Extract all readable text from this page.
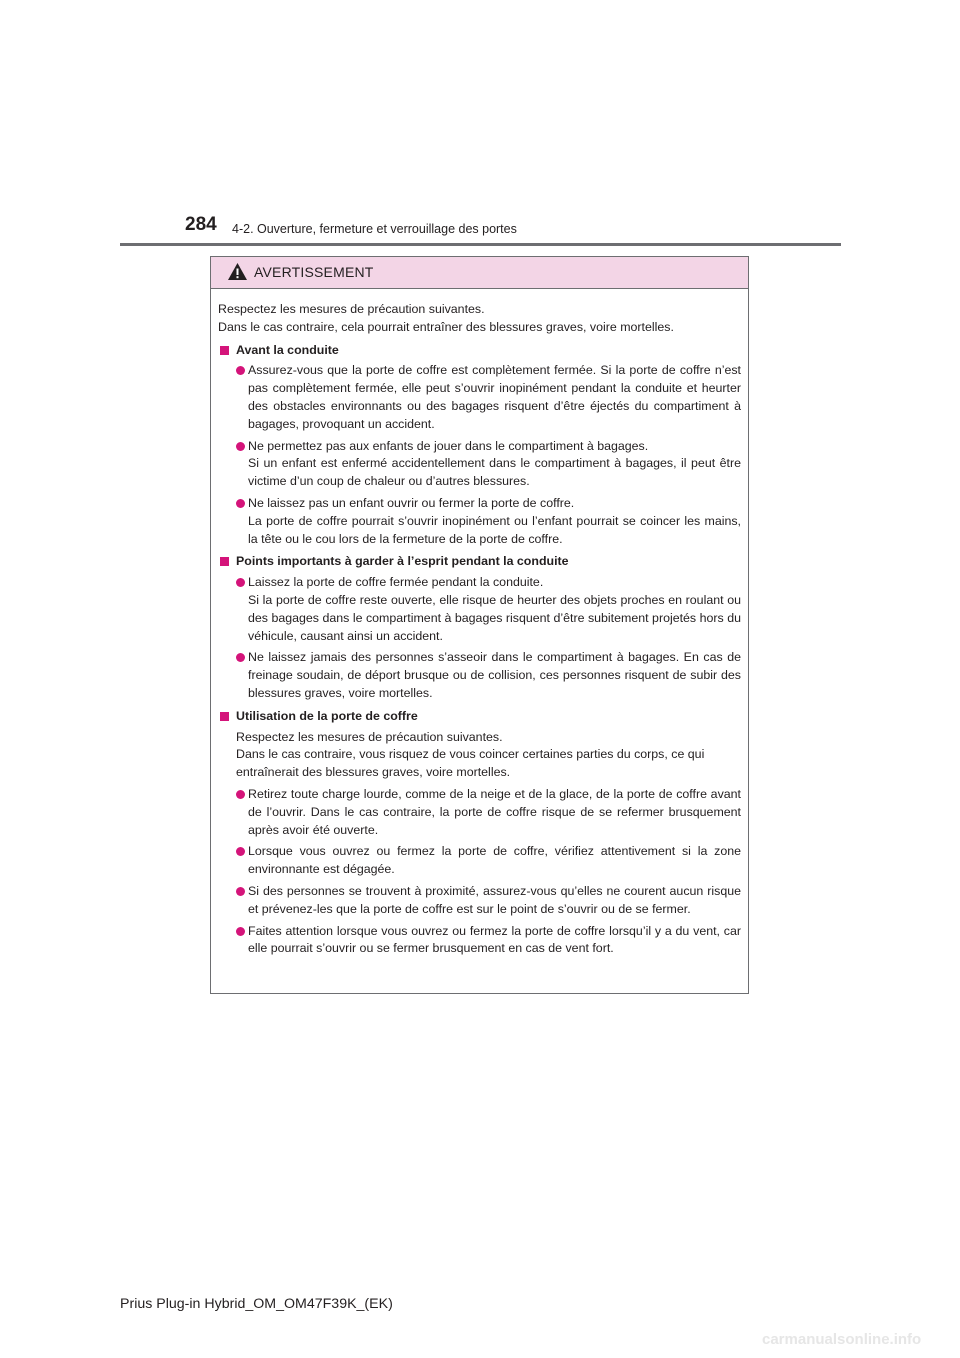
284 4-2. Ouverture, fermeture et verrouillage des portes
AVERTISSEMENT

Respectez les mesures de précaution suivantes.

Dans le cas contraire, cela pourrait entraîner des blessures graves, voire mortelles.

Avant la conduite

Assurez-vous que la porte de coffre est complètement fermée. Si la porte de coffre n’est pas complètement fermée, elle peut s’ouvrir inopinément pendant la conduite et heurter des obstacles environnants ou des bagages risquent d’être éjectés du compartiment à bagages, provoquant un accident.

Ne permettez pas aux enfants de jouer dans le compartiment à bagages.

Si un enfant est enfermé accidentellement dans le compartiment à bagages, il peut être victime d’un coup de chaleur ou d’autres blessures.

Ne laissez pas un enfant ouvrir ou fermer la porte de coffre.

La porte de coffre pourrait s’ouvrir inopinément ou l’enfant pourrait se coincer les mains, la tête ou le cou lors de la fermeture de la porte de coffre.

Points importants à garder à l’esprit pendant la conduite

Laissez la porte de coffre fermée pendant la conduite.

Si la porte de coffre reste ouverte, elle risque de heurter des objets proches en roulant ou des bagages dans le compartiment à bagages risquent d’être subitement projetés hors du véhicule, causant ainsi un accident.

Ne laissez jamais des personnes s’asseoir dans le compartiment à bagages. En cas de freinage soudain, de déport brusque ou de collision, ces personnes risquent de subir des blessures graves, voire mortelles.

Utilisation de la porte de coffre

Respectez les mesures de précaution suivantes.

Dans le cas contraire, vous risquez de vous coincer certaines parties du corps, ce qui entraînerait des blessures graves, voire mortelles.

Retirez toute charge lourde, comme de la neige et de la glace, de la porte de coffre avant de l’ouvrir. Dans le cas contraire, la porte de coffre risque de se refermer brusquement après avoir été ouverte.

Lorsque vous ouvrez ou fermez la porte de coffre, vérifiez attentivement si la zone environnante est dégagée.

Si des personnes se trouvent à proximité, assurez-vous qu’elles ne courent aucun risque et prévenez-les que la porte de coffre est sur le point de s’ouvrir ou de se fermer.

Faites attention lorsque vous ouvrez ou fermez la porte de coffre lorsqu’il y a du vent, car elle pourrait s’ouvrir ou se fermer brusquement en cas de vent fort.

Prius Plug-in Hybrid_OM_OM47F39K_(EK)
carmanualsonline.info
